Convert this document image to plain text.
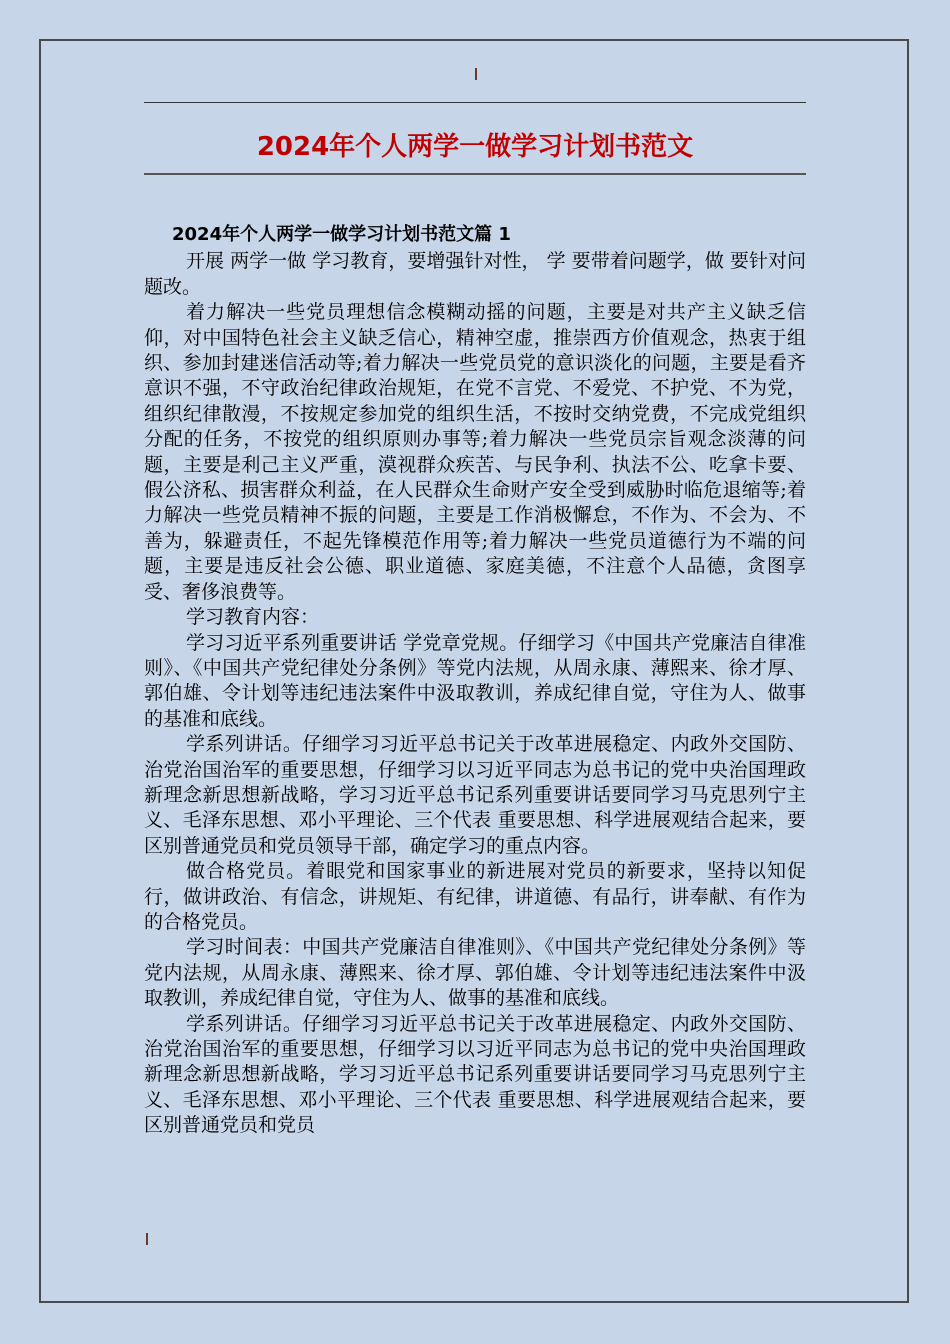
2024年个人两学一做学习计划书范文

2024年个人两学一做学习计划书范文篇 1

开展 两学一做 学习教育，要增强针对性， 学 要带着问题学，做 要针对问题改。

着力解决一些党员理想信念模糊动摇的问题，主要是对共产主义缺乏信仰，对中国特色社会主义缺乏信心，精神空虚，推崇西方价值观念，热衷于组织、参加封建迷信活动等;着力解决一些党员党的意识淡化的问题，主要是看齐意识不强，不守政治纪律政治规矩，在党不言党、不爱党、不护党、不为党，组织纪律散漫，不按规定参加党的组织生活，不按时交纳党费，不完成党组织分配的任务，不按党的组织原则办事等;着力解决一些党员宗旨观念淡薄的问题，主要是利己主义严重，漠视群众疾苦、与民争利、执法不公、吃拿卡要、假公济私、损害群众利益，在人民群众生命财产安全受到威胁时临危退缩等;着力解决一些党员精神不振的问题，主要是工作消极懈怠，不作为、不会为、不善为，躲避责任，不起先锋模范作用等;着力解决一些党员道德行为不端的问题，主要是违反社会公德、职业道德、家庭美德，不注意个人品德，贪图享受、奢侈浪费等。

学习教育内容：

学习习近平系列重要讲话 学党章党规。仔细学习《中国共产党廉洁自律准则》、《中国共产党纪律处分条例》等党内法规，从周永康、薄熙来、徐才厚、郭伯雄、令计划等违纪违法案件中汲取教训，养成纪律自觉，守住为人、做事的基准和底线。

学系列讲话。仔细学习习近平总书记关于改革进展稳定、内政外交国防、治党治国治军的重要思想，仔细学习以习近平同志为总书记的党中央治国理政新理念新思想新战略，学习习近平总书记系列重要讲话要同学习马克思列宁主义、毛泽东思想、邓小平理论、三个代表 重要思想、科学进展观结合起来，要区别普通党员和党员领导干部，确定学习的重点内容。

做合格党员。着眼党和国家事业的新进展对党员的新要求，坚持以知促行，做讲政治、有信念，讲规矩、有纪律，讲道德、有品行，讲奉献、有作为的合格党员。

学习时间表：中国共产党廉洁自律准则》、《中国共产党纪律处分条例》等党内法规，从周永康、薄熙来、徐才厚、郭伯雄、令计划等违纪违法案件中汲取教训，养成纪律自觉，守住为人、做事的基准和底线。

学系列讲话。仔细学习习近平总书记关于改革进展稳定、内政外交国防、治党治国治军的重要思想，仔细学习以习近平同志为总书记的党中央治国理政新理念新思想新战略，学习习近平总书记系列重要讲话要同学习马克思列宁主义、毛泽东思想、邓小平理论、三个代表 重要思想、科学进展观结合起来，要区别普通党员和党员
